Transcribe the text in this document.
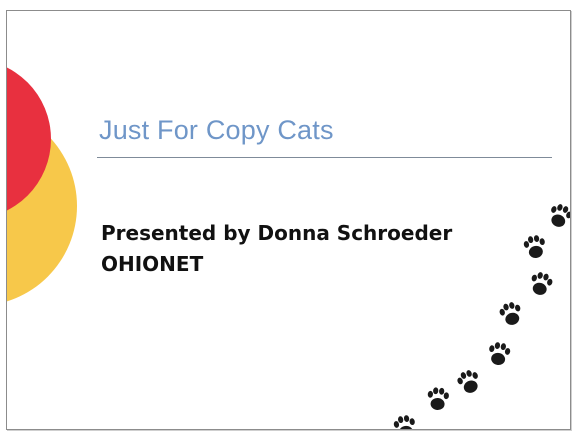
Just For Copy Cats
Presented by Donna Schroeder
OHIONET
